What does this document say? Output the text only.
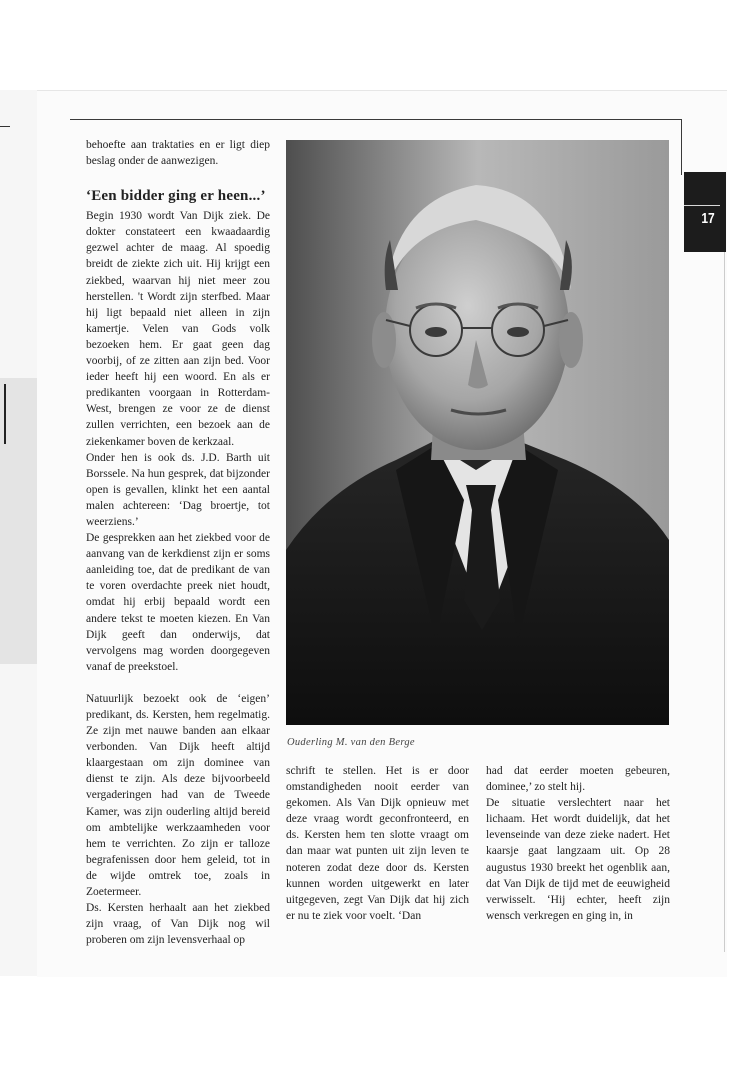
17

behoefte aan traktaties en er ligt diep beslag onder de aanwezigen.

‘Een bidder ging er heen...’

Begin 1930 wordt Van Dijk ziek. De dokter constateert een kwaadaardig gezwel achter de maag. Al spoedig breidt de ziekte zich uit. Hij krijgt een ziekbed, waarvan hij niet meer zou herstellen. 't Wordt zijn sterfbed. Maar hij ligt bepaald niet alleen in zijn kamertje. Velen van Gods volk bezoeken hem. Er gaat geen dag voorbij, of ze zitten aan zijn bed. Voor ieder heeft hij een woord. En als er predikanten voorgaan in Rotterdam-West, brengen ze voor ze de dienst zullen verrichten, een bezoek aan de ziekenkamer boven de kerkzaal.

Onder hen is ook ds. J.D. Barth uit Borssele. Na hun gesprek, dat bijzonder open is gevallen, klinkt het een aantal malen achtereen: ‘Dag broertje, tot weerziens.’

De gesprekken aan het ziekbed voor de aanvang van de kerkdienst zijn er soms aanleiding toe, dat de predikant de van te voren overdachte preek niet houdt, omdat hij erbij bepaald wordt een andere tekst te moeten kiezen. En Van Dijk geeft dan onderwijs, dat vervolgens mag worden doorgegeven vanaf de preekstoel.

Natuurlijk bezoekt ook de ‘eigen’ predikant, ds. Kersten, hem regelmatig. Ze zijn met nauwe banden aan elkaar verbonden. Van Dijk heeft altijd klaargestaan om zijn dominee van dienst te zijn. Als deze bijvoorbeeld vergaderingen had van de Tweede Kamer, was zijn ouderling altijd bereid om ambtelijke werkzaamheden voor hem te verrichten. Zo zijn er talloze begrafenissen door hem geleid, tot in de wijde omtrek toe, zoals in Zoetermeer.

Ds. Kersten herhaalt aan het ziekbed zijn vraag, of Van Dijk nog wil proberen om zijn levensverhaal op

Ouderling M. van den Berge

schrift te stellen. Het is er door omstandigheden nooit eerder van gekomen. Als Van Dijk opnieuw met deze vraag wordt geconfronteerd, en ds. Kersten hem ten slotte vraagt om dan maar wat punten uit zijn leven te noteren zodat deze door ds. Kersten kunnen worden uitgewerkt en later uitgegeven, zegt Van Dijk dat hij zich er nu te ziek voor voelt. ‘Dan

had dat eerder moeten gebeuren, dominee,’ zo stelt hij.

De situatie verslechtert naar het lichaam. Het wordt duidelijk, dat het levenseinde van deze zieke nadert. Het kaarsje gaat langzaam uit. Op 28 augustus 1930 breekt het ogenblik aan, dat Van Dijk de tijd met de eeuwigheid verwisselt. ‘Hij echter, heeft zijn wensch verkregen en ging in, in
